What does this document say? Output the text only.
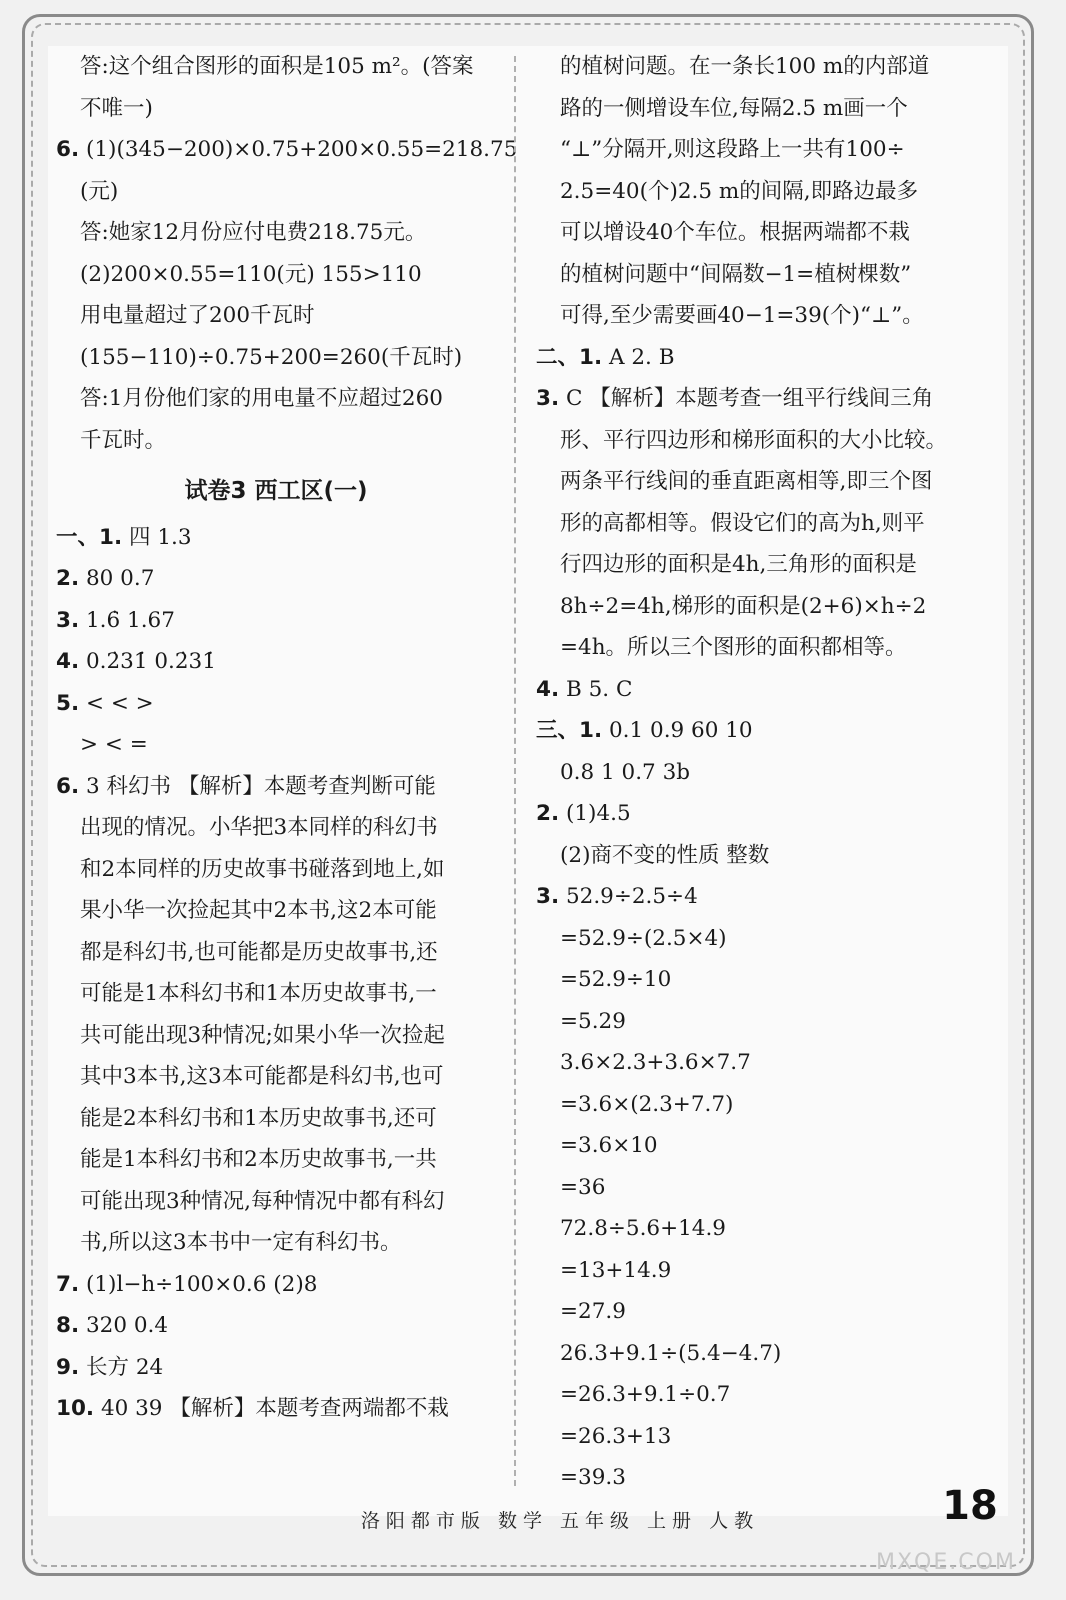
答:这个组合图形的面积是105 m²。(答案
不唯一)
6. (1)(345−200)×0.75+200×0.55=218.75
(元)
答:她家12月份应付电费218.75元。
(2)200×0.55=110(元) 155>110
用电量超过了200千瓦时
(155−110)÷0.75+200=260(千瓦时)
答:1月份他们家的用电量不应超过260
千瓦时。
试卷3 西工区(一)
一、1. 四 1.3
2. 80 0.7
3. 1.6̇ 1.67
4. 0.2̇31̇ 0.2̇31̇
5. < < >
> < =
6. 3 科幻书 【解析】本题考查判断可能
出现的情况。小华把3本同样的科幻书
和2本同样的历史故事书碰落到地上,如
果小华一次捡起其中2本书,这2本可能
都是科幻书,也可能都是历史故事书,还
可能是1本科幻书和1本历史故事书,一
共可能出现3种情况;如果小华一次捡起
其中3本书,这3本可能都是科幻书,也可
能是2本科幻书和1本历史故事书,还可
能是1本科幻书和2本历史故事书,一共
可能出现3种情况,每种情况中都有科幻
书,所以这3本书中一定有科幻书。
7. (1)l−h÷100×0.6 (2)8
8. 320 0.4
9. 长方 24
10. 40 39 【解析】本题考查两端都不栽
的植树问题。在一条长100 m的内部道
路的一侧增设车位,每隔2.5 m画一个
“⊥”分隔开,则这段路上一共有100÷
2.5=40(个)2.5 m的间隔,即路边最多
可以增设40个车位。根据两端都不栽
的植树问题中“间隔数−1=植树棵数”
可得,至少需要画40−1=39(个)“⊥”。
二、1. A 2. B
3. C 【解析】本题考查一组平行线间三角
形、平行四边形和梯形面积的大小比较。
两条平行线间的垂直距离相等,即三个图
形的高都相等。假设它们的高为h,则平
行四边形的面积是4h,三角形的面积是
8h÷2=4h,梯形的面积是(2+6)×h÷2
=4h。所以三个图形的面积都相等。
4. B 5. C
三、1. 0.1 0.9 60 10
0.8 1 0.7 3b
2. (1)4.5
(2)商不变的性质 整数
3. 52.9÷2.5÷4
=52.9÷(2.5×4)
=52.9÷10
=5.29
3.6×2.3+3.6×7.7
=3.6×(2.3+7.7)
=3.6×10
=36
72.8÷5.6+14.9
=13+14.9
=27.9
26.3+9.1÷(5.4−4.7)
=26.3+9.1÷0.7
=26.3+13
=39.3
洛阳都市版 数学 五年级 上册 人教	18
MXQE.COM
